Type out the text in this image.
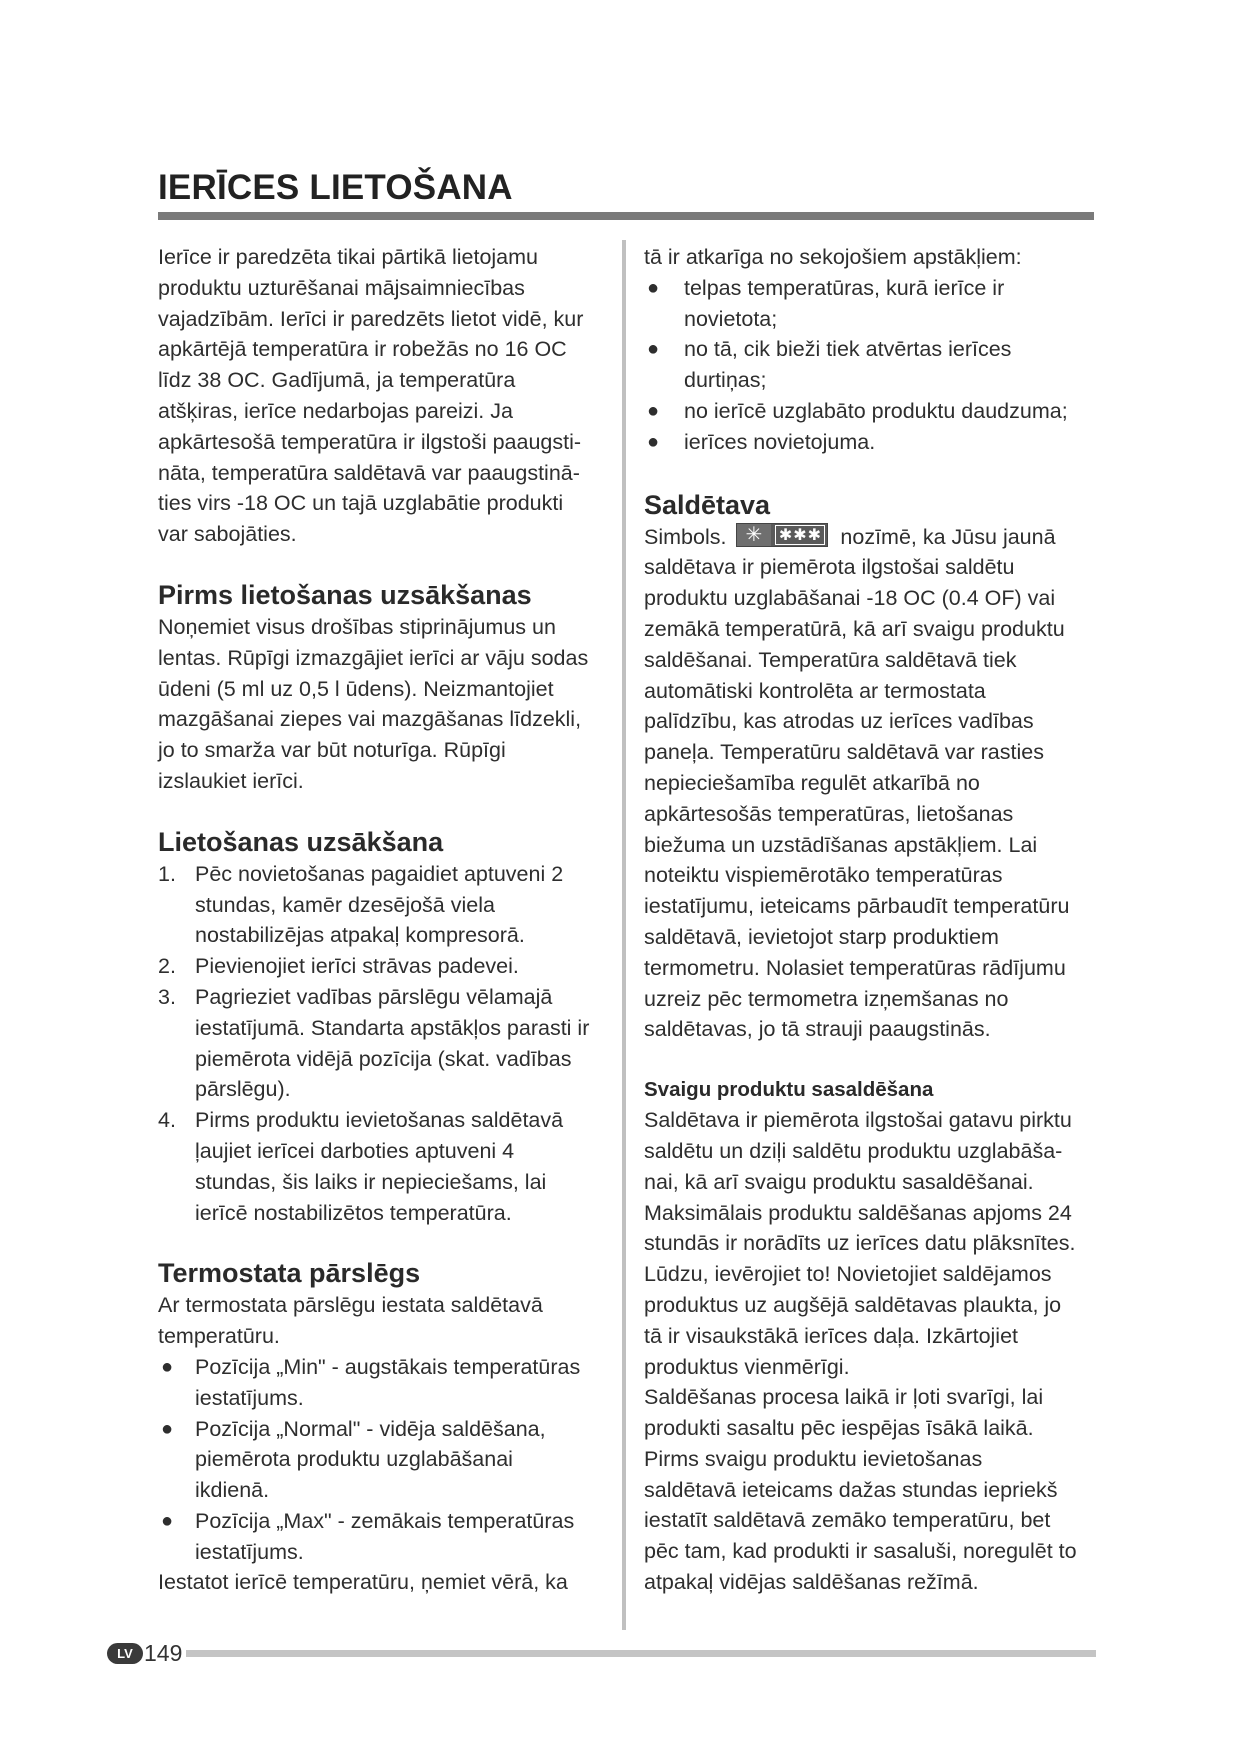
IERĪCES LIETOŠANA
Ierīce ir paredzēta tikai pārtikā lietojamu
produktu uzturēšanai mājsaimniecības
vajadzībām. Ierīci ir paredzēts lietot vidē, kur
apkārtējā temperatūra ir robežās no 16 OC
līdz 38 OC. Gadījumā, ja temperatūra
atšķiras, ierīce nedarbojas pareizi. Ja
apkārtesošā temperatūra ir ilgstoši paaugsti-
nāta, temperatūra saldētavā var paaugstinā-
ties virs -18 OC un tajā uzglabātie produkti
var sabojāties.

Pirms lietošanas uzsākšanas

Noņemiet visus drošības stiprinājumus un
lentas. Rūpīgi izmazgājiet ierīci ar vāju sodas
ūdeni (5 ml uz 0,5 l ūdens). Neizmantojiet
mazgāšanai ziepes vai mazgāšanas līdzekli,
jo to smarža var būt noturīga. Rūpīgi
izslaukiet ierīci.

Lietošanas uzsākšana

1. Pēc novietošanas pagaidiet aptuveni 2
stundas, kamēr dzesējošā viela
nostabilizējas atpakaļ kompresorā.
2. Pievienojiet ierīci strāvas padevei.
3. Pagrieziet vadības pārslēgu vēlamajā
iestatījumā. Standarta apstākļos parasti ir
piemērota vidējā pozīcija (skat. vadības
pārslēgu).
4. Pirms produktu ievietošanas saldētavā
ļaujiet ierīcei darboties aptuveni 4
stundas, šis laiks ir nepieciešams, lai
ierīcē nostabilizētos temperatūra.

Termostata pārslēgs

Ar termostata pārslēgu iestata saldētavā
temperatūru.
● Pozīcija „Min" - augstākais temperatūras
iestatījums.
● Pozīcija „Normal" - vidēja saldēšana,
piemērota produktu uzglabāšanai
ikdienā.
● Pozīcija „Max" - zemākais temperatūras
iestatījums.

Iestatot ierīcē temperatūru, ņemiet vērā, ka

tā ir atkarīga no sekojošiem apstākļiem:

● telpas temperatūras, kurā ierīce ir
novietota;
● no tā, cik bieži tiek atvērtas ierīces
durtiņas;
● no ierīcē uzglabāto produktu daudzuma;
● ierīces novietojuma.

Saldētava

Simbols. ✳ ✱✱✱ nozīmē, ka Jūsu jaunā

saldētava ir piemērota ilgstošai saldētu
produktu uzglabāšanai -18 OC (0.4 OF) vai
zemākā temperatūrā, kā arī svaigu produktu
saldēšanai. Temperatūra saldētavā tiek
automātiski kontrolēta ar termostata
palīdzību, kas atrodas uz ierīces vadības
paneļa. Temperatūru saldētavā var rasties
nepieciešamība regulēt atkarībā no
apkārtesošās temperatūras, lietošanas
biežuma un uzstādīšanas apstākļiem. Lai
noteiktu vispiemērotāko temperatūras
iestatījumu, ieteicams pārbaudīt temperatūru
saldētavā, ievietojot starp produktiem
termometru. Nolasiet temperatūras rādījumu
uzreiz pēc termometra izņemšanas no
saldētavas, jo tā strauji paaugstinās.

Svaigu produktu sasaldēšana

Saldētava ir piemērota ilgstošai gatavu pirktu
saldētu un dziļi saldētu produktu uzglabāša-
nai, kā arī svaigu produktu sasaldēšanai.
Maksimālais produktu saldēšanas apjoms 24
stundās ir norādīts uz ierīces datu plāksnītes.
Lūdzu, ievērojiet to! Novietojiet saldējamos
produktus uz augšējā saldētavas plaukta, jo
tā ir visaukstākā ierīces daļa. Izkārtojiet
produktus vienmērīgi.
Saldēšanas procesa laikā ir ļoti svarīgi, lai
produkti sasaltu pēc iespējas īsākā laikā.
Pirms svaigu produktu ievietošanas
saldētavā ieteicams dažas stundas iepriekš
iestatīt saldētavā zemāko temperatūru, bet
pēc tam, kad produkti ir sasaluši, noregulēt to
atpakaļ vidējas saldēšanas režīmā.
LV 149
